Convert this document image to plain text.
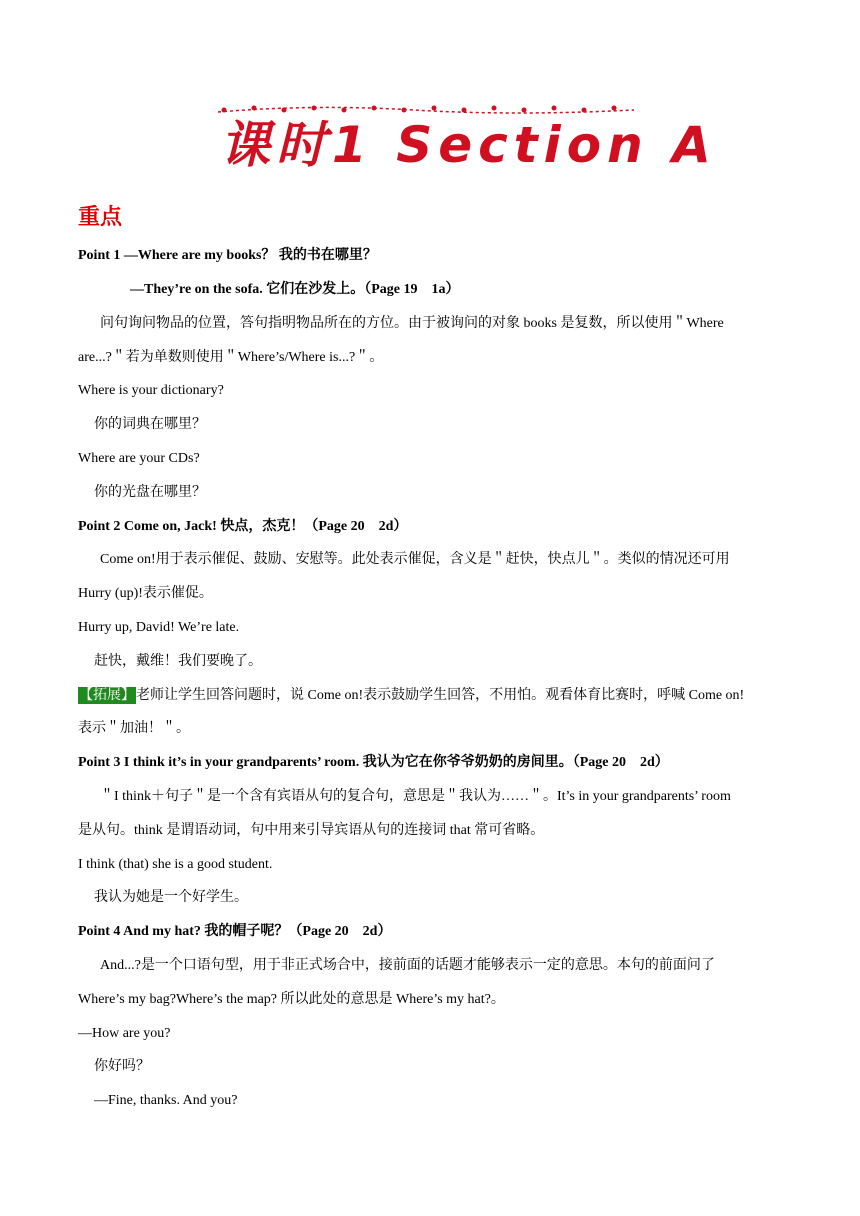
课时1 Section A
重点
Point 1 —Where are my books？ 我的书在哪里？
—They’re on the sofa. 它们在沙发上。（Page 19　1a）
问句询问物品的位置，答句指明物品所在的方位。由于被询问的对象 books 是复数，所以使用＂Where
are...?＂若为单数则使用＂Where’s/Where is...?＂。
Where is your dictionary?
你的词典在哪里？
Where are your CDs?
你的光盘在哪里？
Point 2 Come on, Jack! 快点，杰克！（Page 20　2d）
Come on!用于表示催促、鼓励、安慰等。此处表示催促，含义是＂赶快，快点儿＂。类似的情况还可用
Hurry (up)!表示催促。
Hurry up, David! We’re late.
赶快，戴维！我们要晚了。
【拓展】老师让学生回答问题时，说 Come on!表示鼓励学生回答，不用怕。观看体育比赛时，呼喊 Come on!
表示＂加油！＂。
Point 3 I think it’s in your grandparents’ room. 我认为它在你爷爷奶奶的房间里。（Page 20　2d）
＂I think＋句子＂是一个含有宾语从句的复合句，意思是＂我认为……＂。It’s in your grandparents’ room
是从句。think 是谓语动词，句中用来引导宾语从句的连接词 that 常可省略。
I think (that) she is a good student.
我认为她是一个好学生。
Point 4 And my hat? 我的帽子呢？（Page 20　2d）
And...?是一个口语句型，用于非正式场合中，接前面的话题才能够表示一定的意思。本句的前面问了
Where’s my bag?Where’s the map? 所以此处的意思是 Where’s my hat?。
—How are you?
你好吗？
—Fine, thanks. And you?
